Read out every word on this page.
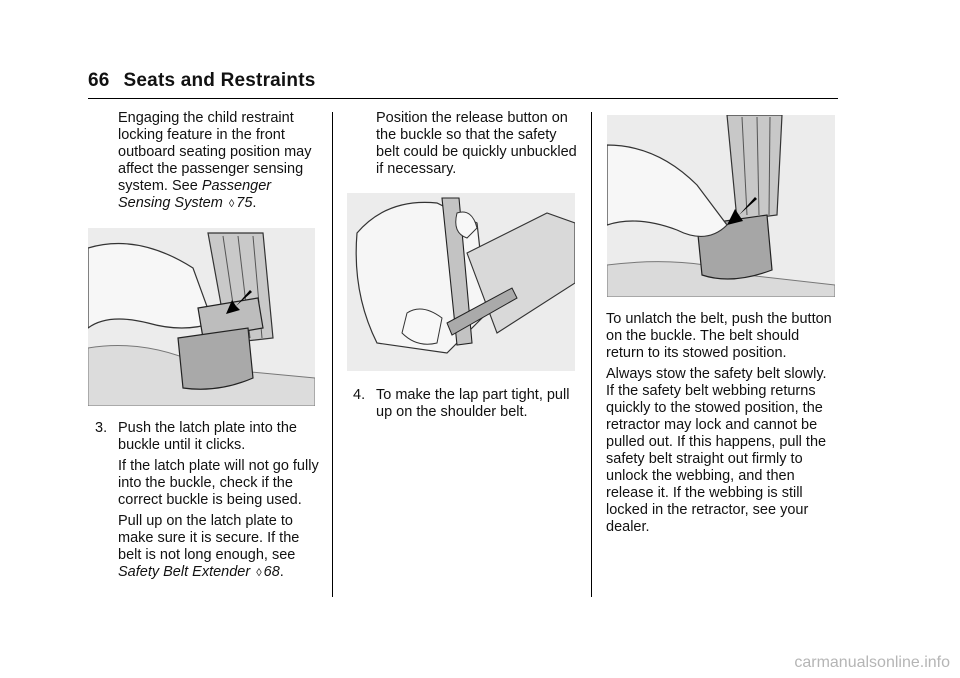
66 Seats and Restraints
Engaging the child restraint
locking feature in the front
outboard seating position may
affect the passenger sensing
system. See Passenger
Sensing System ◊ 75.
3. Push the latch plate into the
buckle until it clicks.
If the latch plate will not go fully
into the buckle, check if the
correct buckle is being used.
Pull up on the latch plate to
make sure it is secure. If the
belt is not long enough, see
Safety Belt Extender ◊ 68.
Position the release button on
the buckle so that the safety
belt could be quickly unbuckled
if necessary.
4. To make the lap part tight, pull
up on the shoulder belt.
To unlatch the belt, push the button
on the buckle. The belt should
return to its stowed position.
Always stow the safety belt slowly.
If the safety belt webbing returns
quickly to the stowed position, the
retractor may lock and cannot be
pulled out. If this happens, pull the
safety belt straight out firmly to
unlock the webbing, and then
release it. If the webbing is still
locked in the retractor, see your
dealer.
carmanualsonline.info
